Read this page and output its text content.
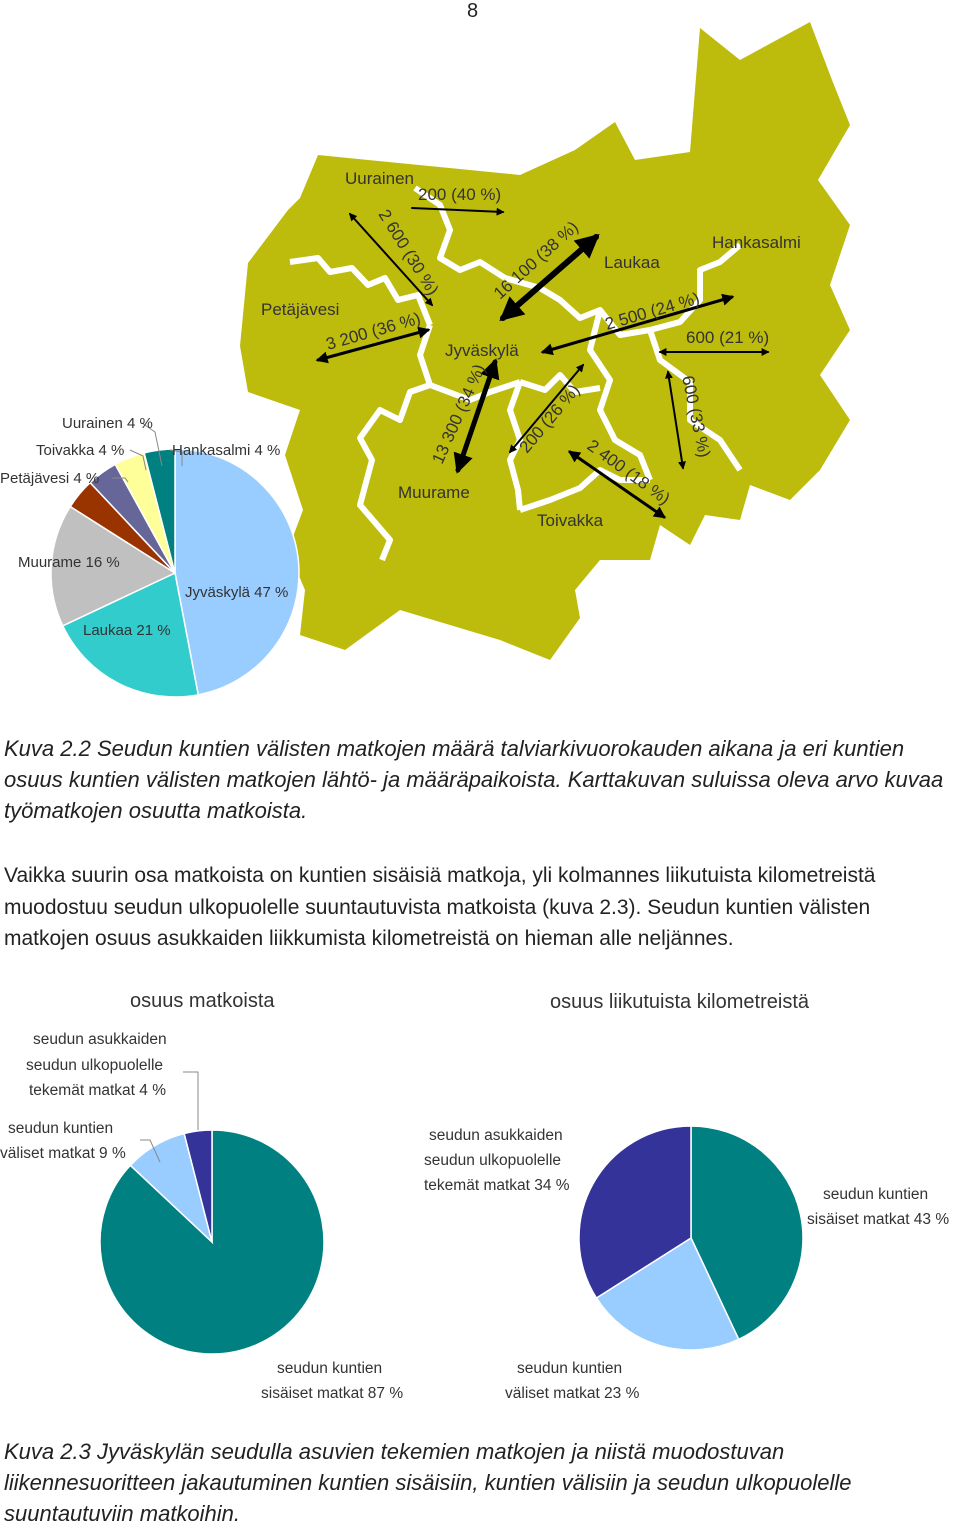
8
Uurainen
Petäjävesi
Jyväskylä
Laukaa
Hankasalmi
Muurame
Toivakka
200 (40 %)
2 600 (30 %)
3 200 (36 %)
16 100 (38 %)
2 500 (24 %)
600 (21 %)
13 300 (34 %) 200 (26 %)
2 400 (18 %)
600 (33 %)
Uurainen 4 %
Toivakka 4 %
Petäjävesi 4 %
Hankasalmi 4 %
Muurame 16 %
Jyväskylä 47 %
Laukaa 21 %
osuus matkoista
seudun asukkaiden
seudun ulkopuolelle
tekemät matkat 4 %
seudun kuntien
väliset matkat 9 %
seudun kuntien
sisäiset matkat 87 %
osuus liikutuista kilometreistä
seudun asukkaiden
seudun ulkopuolelle
tekemät matkat 34 %
seudun kuntien
sisäiset matkat 43 %
seudun kuntien
väliset matkat 23 %

Kuva 2.2 Seudun kuntien välisten matkojen määrä talviarkivuorokauden aikana ja eri kuntien osuus kuntien välisten matkojen lähtö- ja määräpaikoista. Karttakuvan suluissa oleva arvo kuvaa työmatkojen osuutta matkoista.

Vaikka suurin osa matkoista on kuntien sisäisiä matkoja, yli kolmannes liikutuista kilometreistä muodostuu seudun ulkopuolelle suuntautuvista matkoista (kuva 2.3). Seudun kuntien välisten matkojen osuus asukkaiden liikkumista kilometreistä on hieman alle neljännes.

Kuva 2.3 Jyväskylän seudulla asuvien tekemien matkojen ja niistä muodostuvan liikennesuoritteen jakautuminen kuntien sisäisiin, kuntien välisiin ja seudun ulkopuolelle suuntautuviin matkoihin.
